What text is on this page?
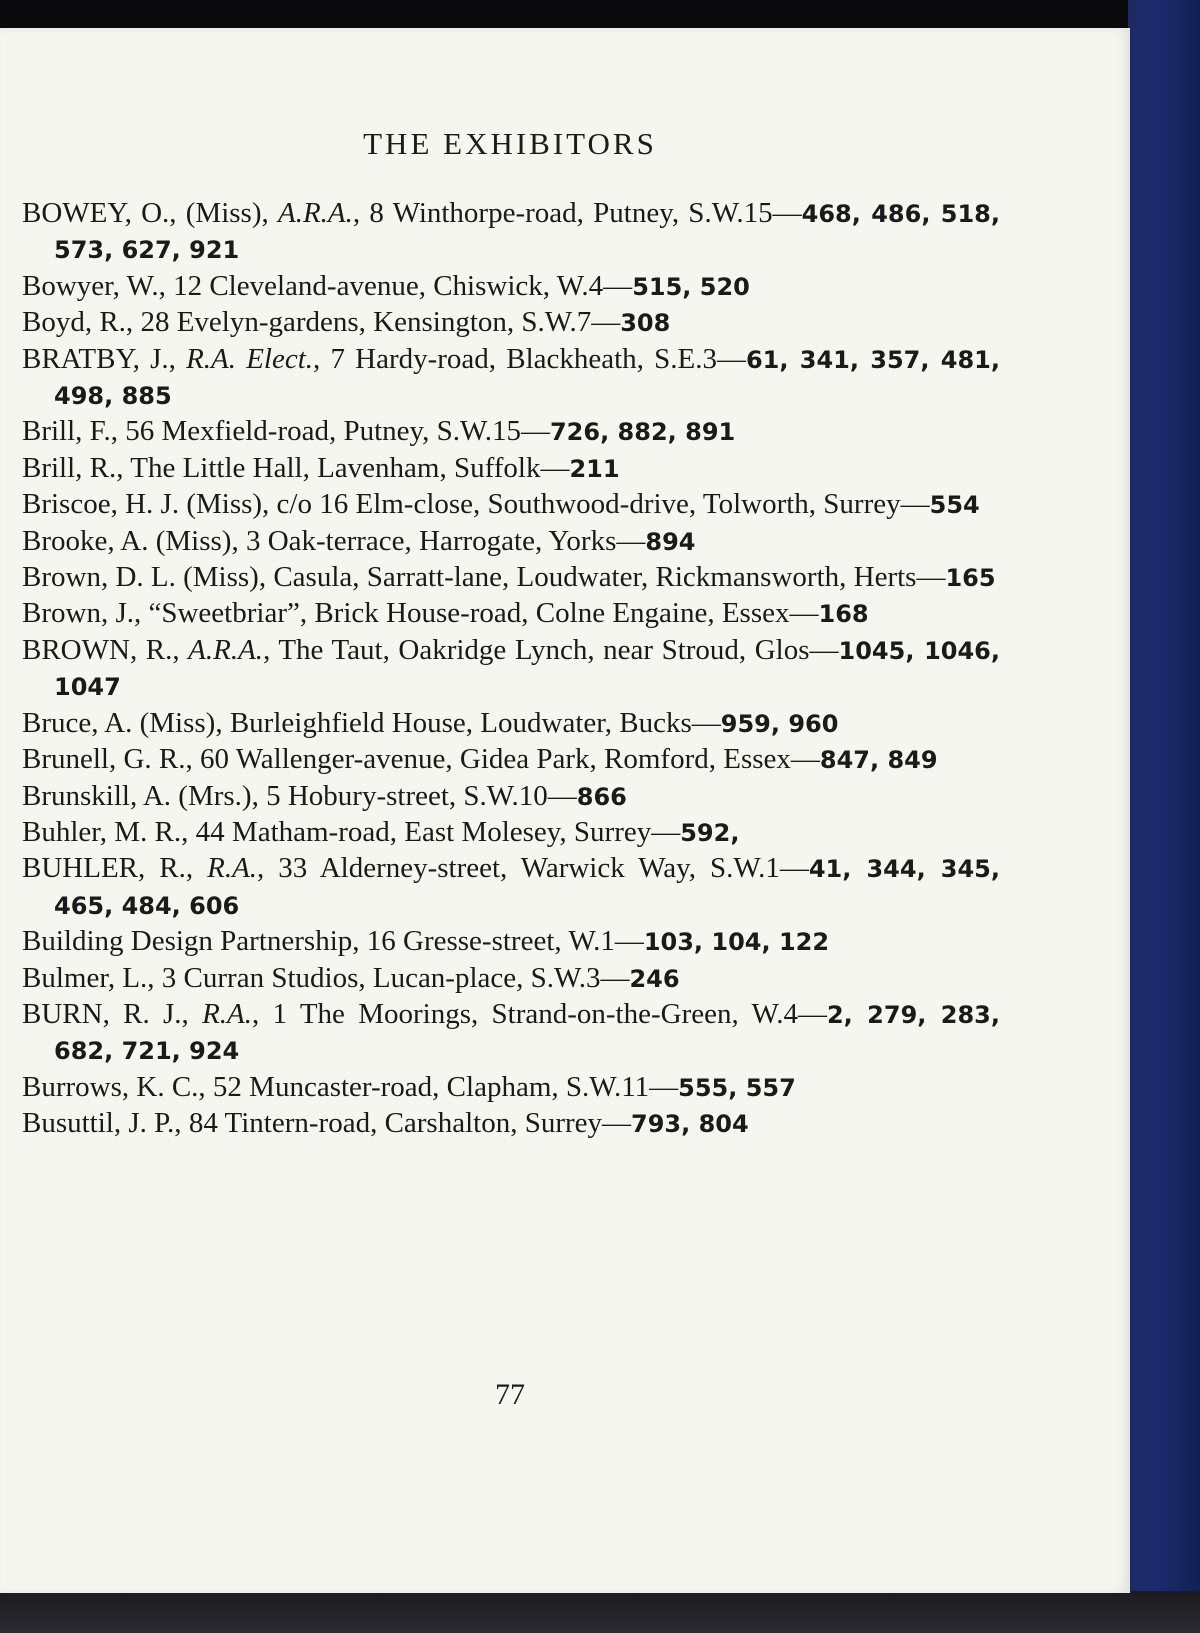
THE EXHIBITORS
BOWEY, O., (Miss), A.R.A., 8 Winthorpe-road, Putney, S.W.15—468, 486, 518, 573, 627, 921
Bowyer, W., 12 Cleveland-avenue, Chiswick, W.4—515, 520
Boyd, R., 28 Evelyn-gardens, Kensington, S.W.7—308
BRATBY, J., R.A. Elect., 7 Hardy-road, Blackheath, S.E.3—61, 341, 357, 481, 498, 885
Brill, F., 56 Mexfield-road, Putney, S.W.15—726, 882, 891
Brill, R., The Little Hall, Lavenham, Suffolk—211
Briscoe, H. J. (Miss), c/o 16 Elm-close, Southwood-drive, Tolworth, Surrey—554
Brooke, A. (Miss), 3 Oak-terrace, Harrogate, Yorks—894
Brown, D. L. (Miss), Casula, Sarratt-lane, Loudwater, Rickmansworth, Herts—165
Brown, J., “Sweetbriar”, Brick House-road, Colne Engaine, Essex—168
BROWN, R., A.R.A., The Taut, Oakridge Lynch, near Stroud, Glos—1045, 1046, 1047
Bruce, A. (Miss), Burleighfield House, Loudwater, Bucks—959, 960
Brunell, G. R., 60 Wallenger-avenue, Gidea Park, Romford, Essex—847, 849
Brunskill, A. (Mrs.), 5 Hobury-street, S.W.10—866
Buhler, M. R., 44 Matham-road, East Molesey, Surrey—592,
BUHLER, R., R.A., 33 Alderney-street, Warwick Way, S.W.1—41, 344, 345, 465, 484, 606
Building Design Partnership, 16 Gresse-street, W.1—103, 104, 122
Bulmer, L., 3 Curran Studios, Lucan-place, S.W.3—246
BURN, R. J., R.A., 1 The Moorings, Strand-on-the-Green, W.4—2, 279, 283, 682, 721, 924
Burrows, K. C., 52 Muncaster-road, Clapham, S.W.11—555, 557
Busuttil, J. P., 84 Tintern-road, Carshalton, Surrey—793, 804
77
